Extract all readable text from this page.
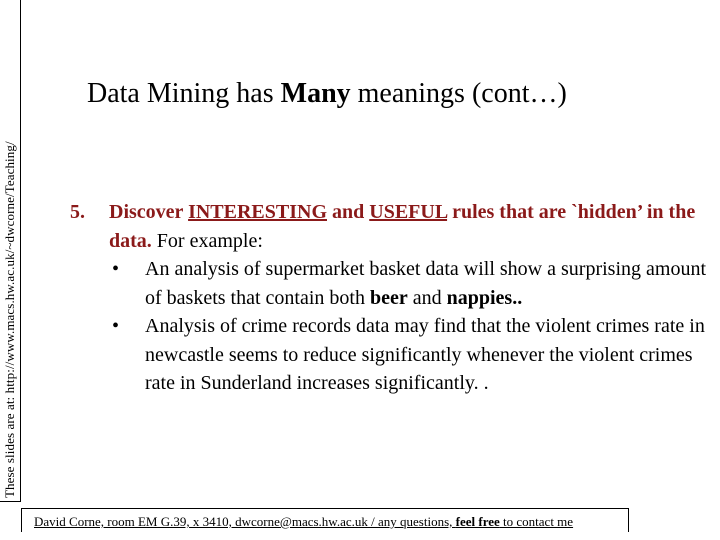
These slides are at: http://www.macs.hw.ac.uk/~dwcorne/Teaching/
Data Mining has Many meanings (cont…)
5. Discover INTERESTING and USEFUL rules that are `hidden’ in the data. For example:
• An analysis of supermarket basket data will show a surprising amount of baskets that contain both beer and nappies..
• Analysis of crime records data may find that the violent crimes rate in newcastle seems to reduce significantly whenever the violent crimes rate in Sunderland increases significantly. .
David Corne, room EM G.39, x 3410, dwcorne@macs.hw.ac.uk / any questions, feel free to contact me
